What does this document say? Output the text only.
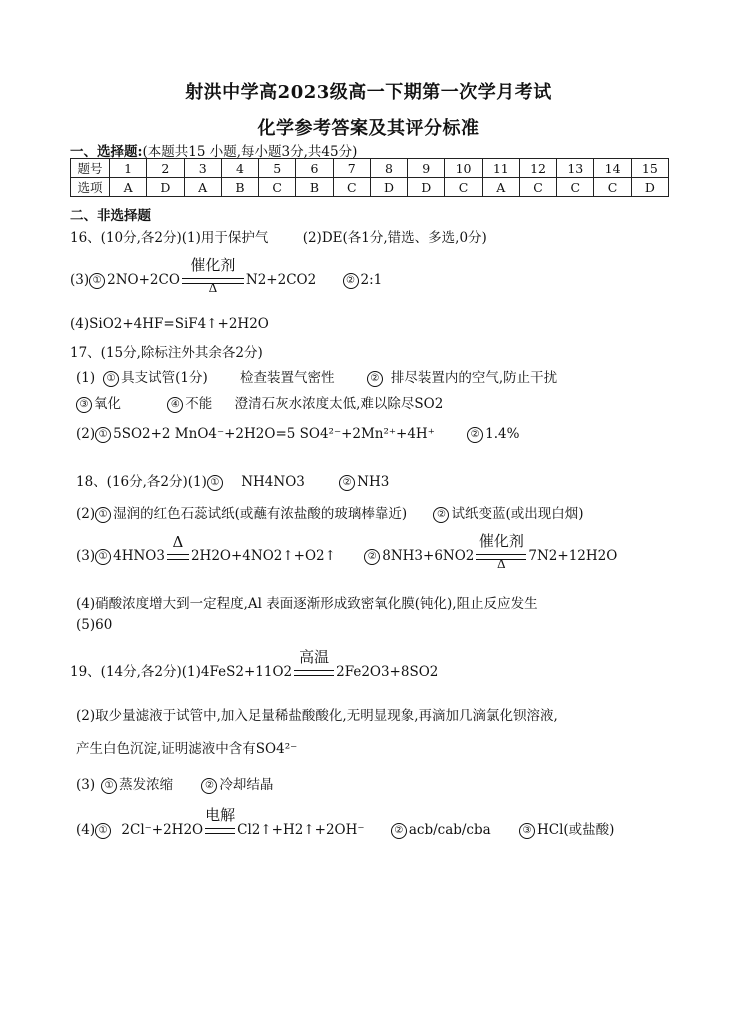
射洪中学高2023级高一下期第一次学月考试
化学参考答案及其评分标准
一、选择题:(本题共15 小题,每小题3分,共45分)
题号	1	2	3	4	5	6	7	8	9	10	11	12	13	14	15
选项	A	D	A	B	C	B	C	D	D	C	A	C	C	C	D
二、非选择题
16、(10分,各2分)(1)用于保护气	(2)DE(各1分,错选、多选,0分)
(3) ① 2NO+2CO
催化剂
Δ	N2+2CO2	② 2:1
(4)SiO2+4HF=SiF4↑+2H2O
17、(15分,除标注外其余各2分)
(1) ① 具支试管(1分) 检查装置气密性	② 排尽装置内的空气,防止干扰
③ 氧化	④ 不能 澄清石灰水浓度太低,难以除尽SO2
(2) ① 5SO2+2 MnO4⁻+2H2O=5 SO4²⁻+2Mn²⁺+4H⁺	② 1.4%
18、(16分,各2分)(1) ① NH4NO3	② NH3
(2) ① 湿润的红色石蕊试纸(或蘸有浓盐酸的玻璃棒靠近)	② 试纸变蓝(或出现白烟)
(3) ① 4HNO3
Δ
2H2O+4NO2↑+O2↑	② 8NH3+6NO2
催化剂
Δ	7N2+12H2O
(4)硝酸浓度增大到一定程度,Al 表面逐渐形成致密氧化膜(钝化),阻止反应发生
(5)60
19、(14分,各2分)(1)4FeS2+11O2
高温
2Fe2O3+8SO2
(2)取少量滤液于试管中,加入足量稀盐酸酸化,无明显现象,再滴加几滴氯化钡溶液,
产生白色沉淀,证明滤液中含有SO4²⁻
(3) ① 蒸发浓缩	② 冷却结晶
(4) ① 2Cl⁻+2H2O
电解
Cl2↑+H2↑+2OH⁻	② acb/cab/cba	③ HCl(或盐酸)
